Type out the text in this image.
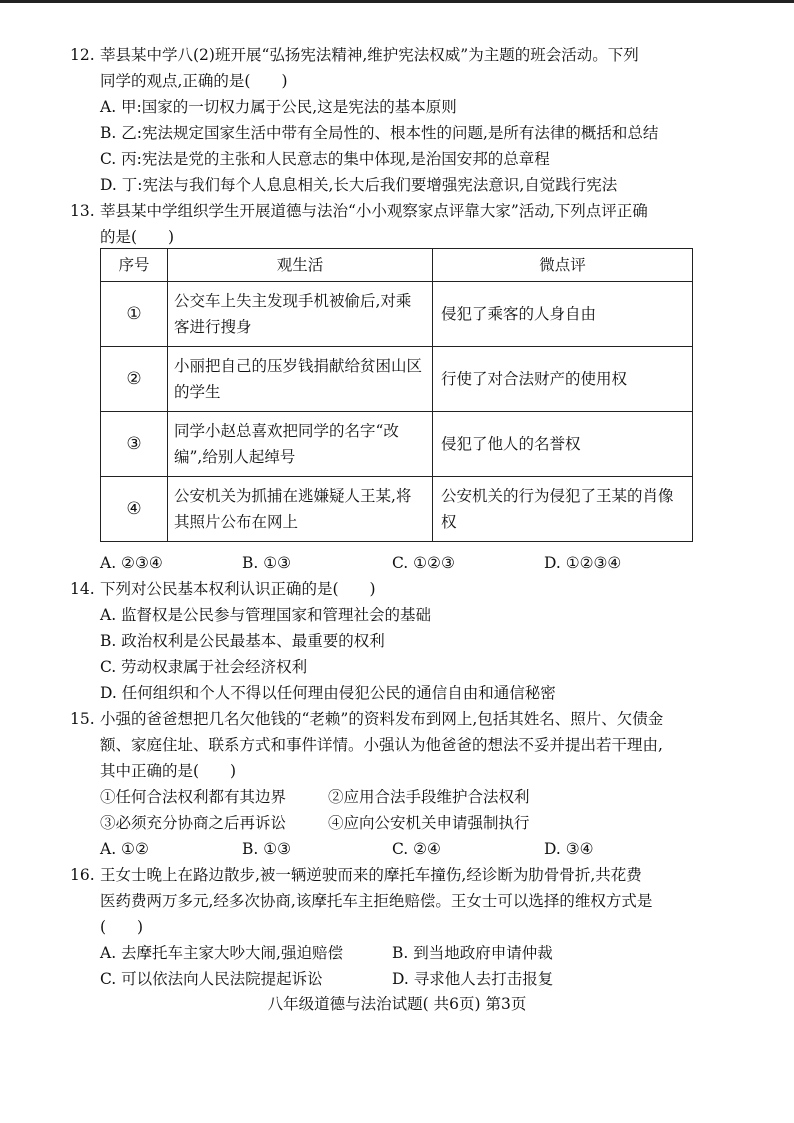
12. 莘县某中学八(2)班开展“弘扬宪法精神,维护宪法权威”为主题的班会活动。下列
同学的观点,正确的是(　　)
A. 甲:国家的一切权力属于公民,这是宪法的基本原则
B. 乙:宪法规定国家生活中带有全局性的、根本性的问题,是所有法律的概括和总结
C. 丙:宪法是党的主张和人民意志的集中体现,是治国安邦的总章程
D. 丁:宪法与我们每个人息息相关,长大后我们要增强宪法意识,自觉践行宪法
13. 莘县某中学组织学生开展道德与法治“小小观察家点评靠大家”活动,下列点评正确
的是(　　)
序号	观生活	微点评
①	公交车上失主发现手机被偷后,对乘客进行搜身	侵犯了乘客的人身自由
②	小丽把自己的压岁钱捐献给贫困山区的学生	行使了对合法财产的使用权
③	同学小赵总喜欢把同学的名字“改编”,给别人起绰号	侵犯了他人的名誉权
④	公安机关为抓捕在逃嫌疑人王某,将其照片公布在网上	公安机关的行为侵犯了王某的肖像权
A. ②③④	B. ①③	C. ①②③	D. ①②③④
14. 下列对公民基本权利认识正确的是(　　)
A. 监督权是公民参与管理国家和管理社会的基础
B. 政治权利是公民最基本、最重要的权利
C. 劳动权隶属于社会经济权利
D. 任何组织和个人不得以任何理由侵犯公民的通信自由和通信秘密
15. 小强的爸爸想把几名欠他钱的“老赖”的资料发布到网上,包括其姓名、照片、欠债金
额、家庭住址、联系方式和事件详情。小强认为他爸爸的想法不妥并提出若干理由,
其中正确的是(　　)
①任何合法权利都有其边界	②应用合法手段维护合法权利
③必须充分协商之后再诉讼	④应向公安机关申请强制执行
A. ①②	B. ①③	C. ②④	D. ③④
16. 王女士晚上在路边散步,被一辆逆驶而来的摩托车撞伤,经诊断为肋骨骨折,共花费
医药费两万多元,经多次协商,该摩托车主拒绝赔偿。王女士可以选择的维权方式是
(　　)
A. 去摩托车主家大吵大闹,强迫赔偿	B. 到当地政府申请仲裁
C. 可以依法向人民法院提起诉讼	D. 寻求他人去打击报复
八年级道德与法治试题( 共6页) 第3页
